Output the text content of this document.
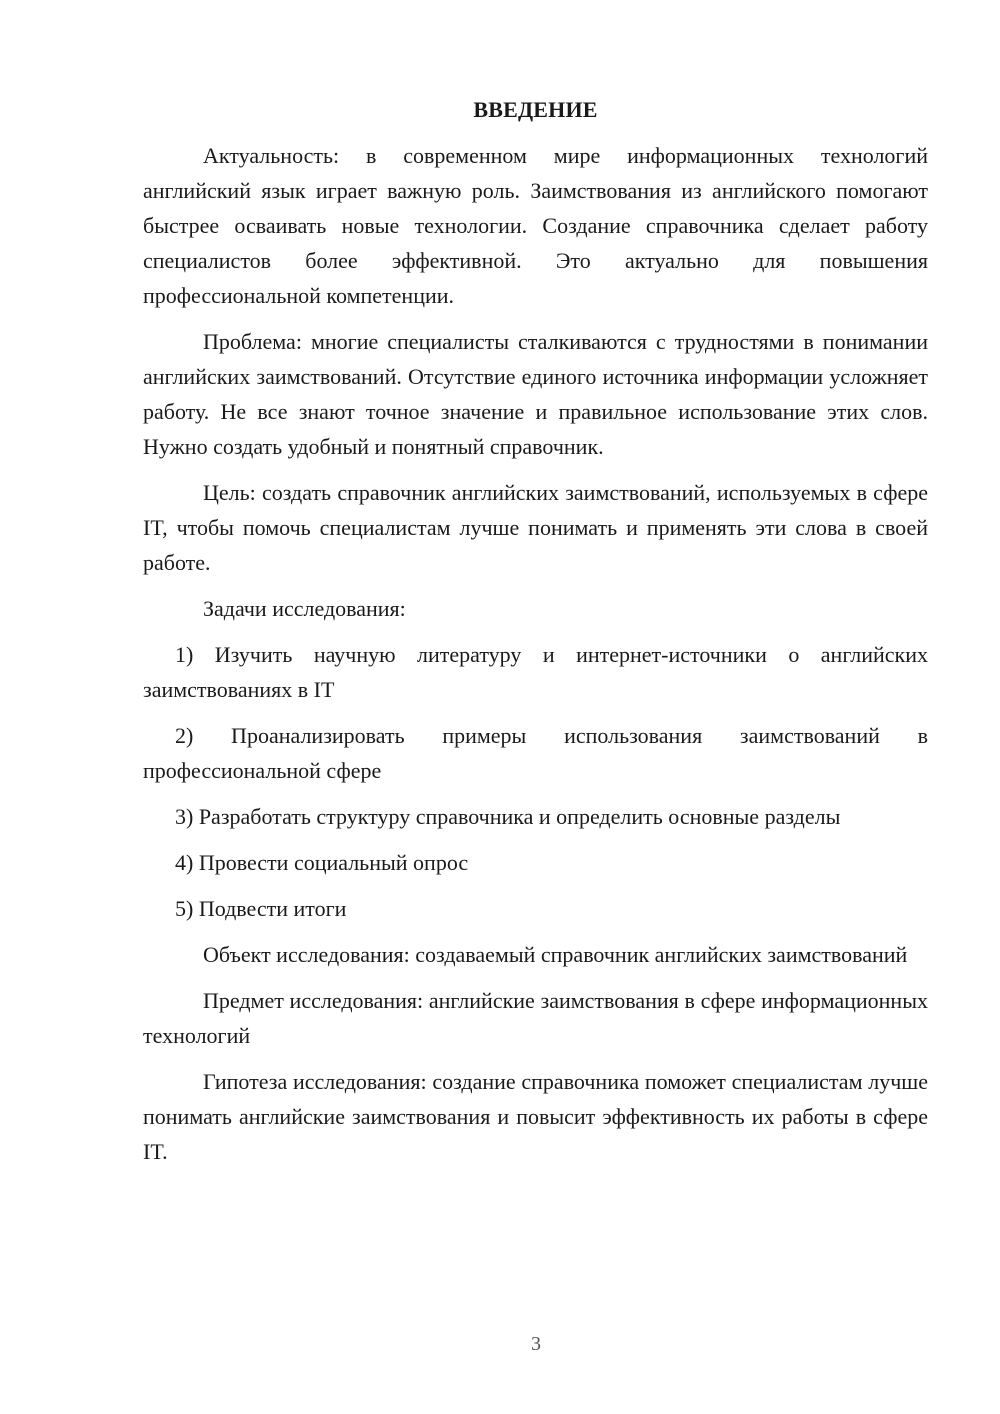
ВВЕДЕНИЕ

Актуальность: в современном мире информационных технологий английский язык играет важную роль. Заимствования из английского помогают быстрее осваивать новые технологии. Создание справочника сделает работу специалистов более эффективной. Это актуально для повышения профессиональной компетенции.

Проблема: многие специалисты сталкиваются с трудностями в понимании английских заимствований. Отсутствие единого источника информации усложняет работу. Не все знают точное значение и правильное использование этих слов. Нужно создать удобный и понятный справочник.

Цель: создать справочник английских заимствований, используемых в сфере IT, чтобы помочь специалистам лучше понимать и применять эти слова в своей работе.

Задачи исследования:

1) Изучить научную литературу и интернет-источники о английских заимствованиях в IT

2) Проанализировать примеры использования заимствований в профессиональной сфере

3) Разработать структуру справочника и определить основные разделы

4) Провести социальный опрос

5) Подвести итоги

Объект исследования: создаваемый справочник английских заимствований

Предмет исследования: английские заимствования в сфере информационных технологий

Гипотеза исследования: создание справочника поможет специалистам лучше понимать английские заимствования и повысит эффективность их работы в сфере IT.

3
